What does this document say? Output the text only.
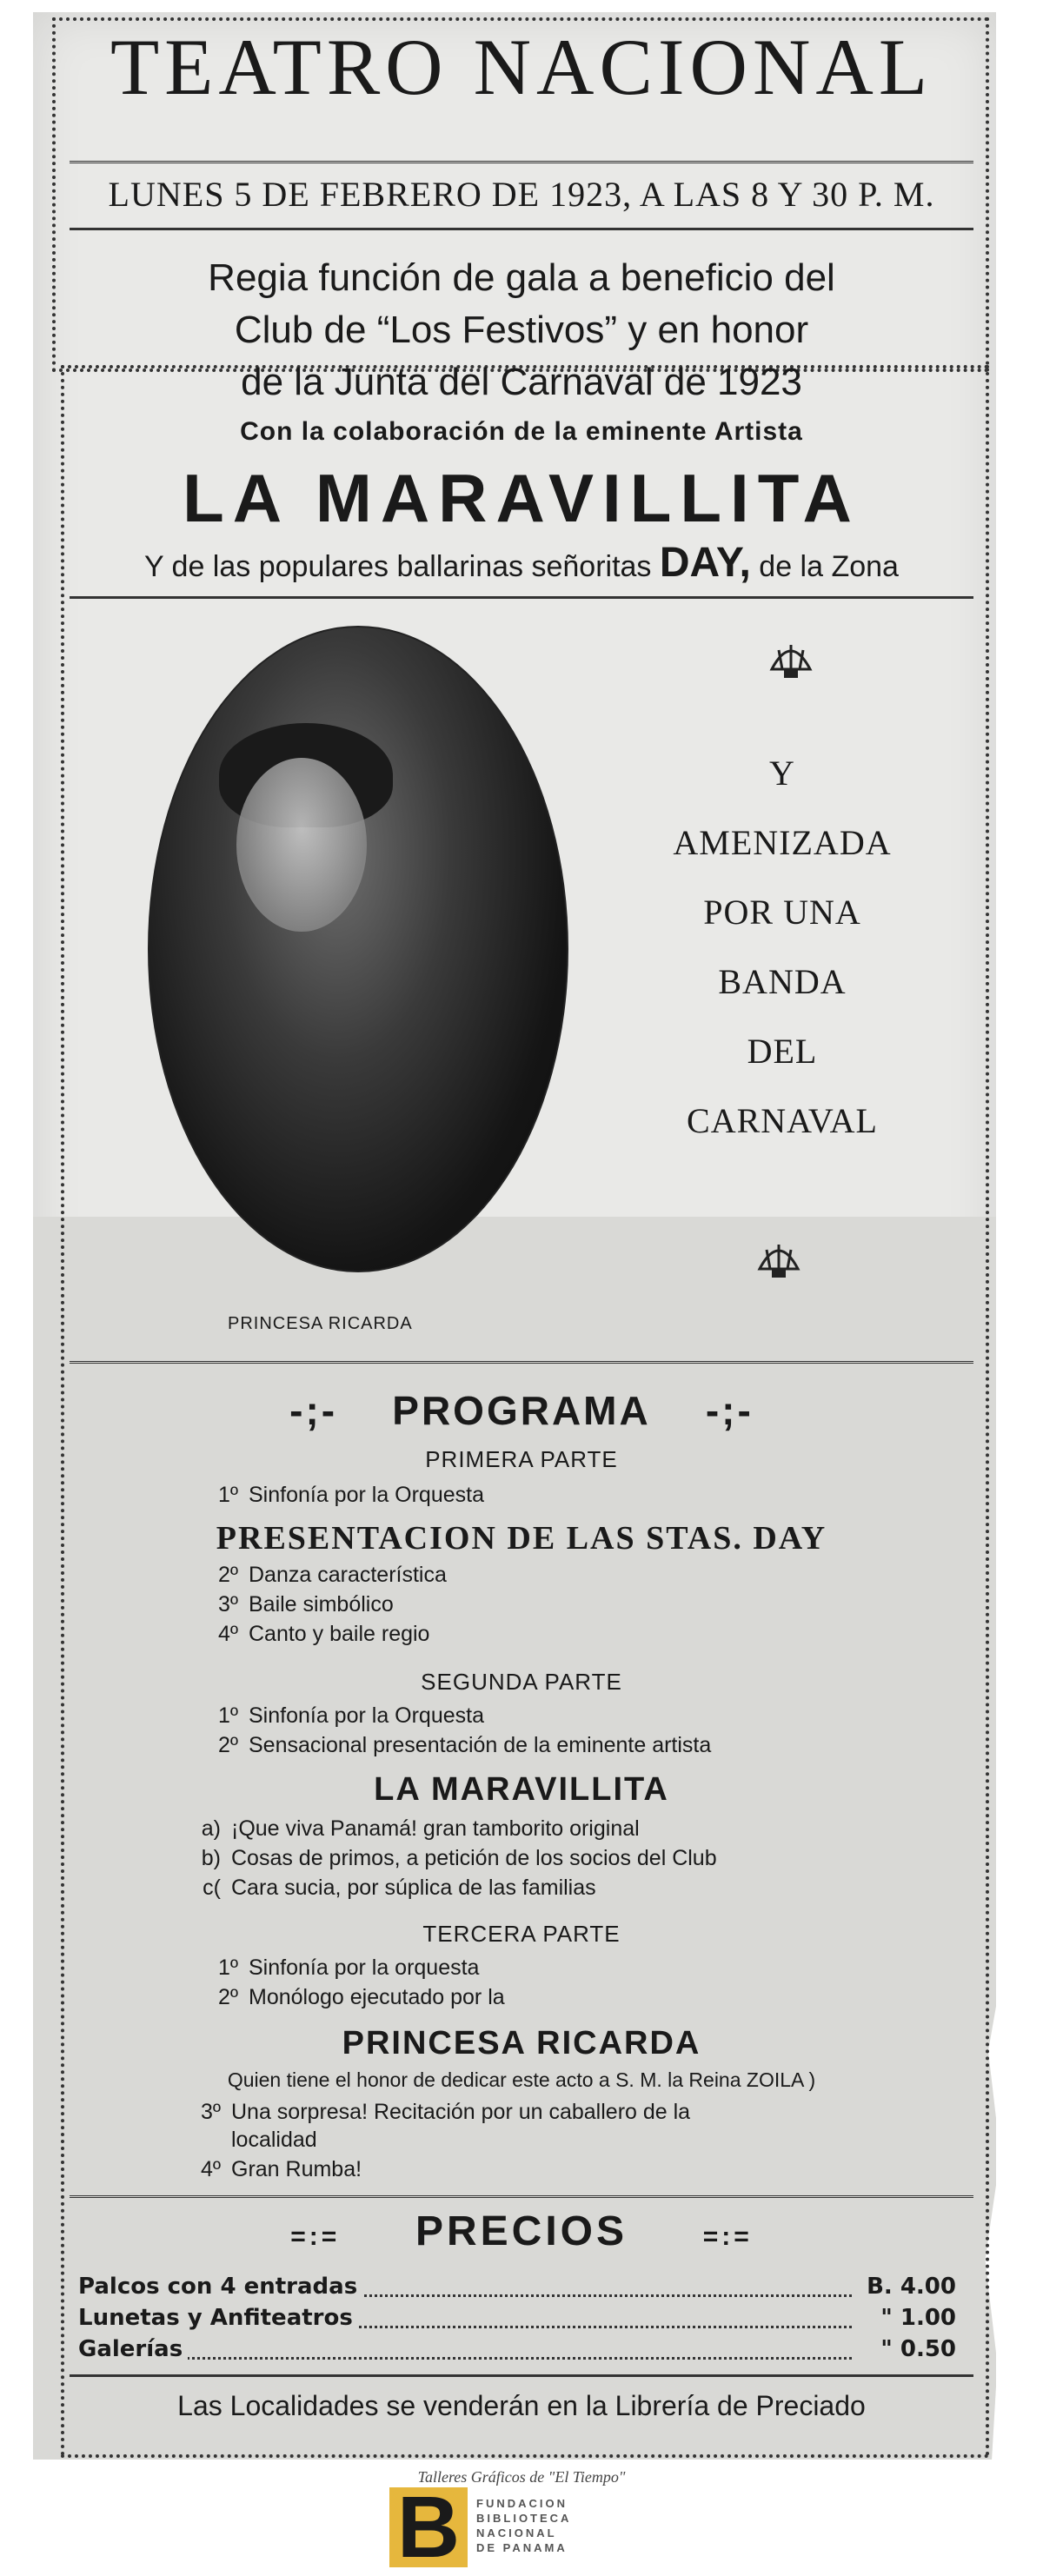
TEATRO NACIONAL
LUNES 5 DE FEBRERO DE 1923, A LAS 8 Y 30 P. M.
Regia función de gala a beneficio del
Club de “Los Festivos” y en honor
de la Junta del Carnaval de 1923
Con la colaboración de la eminente Artista
LA MARAVILLITA
Y de las populares ballarinas señoritas DAY, de la Zona
PRINCESA RICARDA
Y
AMENIZADA
POR UNA
BANDA
DEL
CARNAVAL
-;- PROGRAMA -;-
PRIMERA PARTE
1º Sinfonía por la Orquesta
PRESENTACION DE LAS STAS. DAY
2º Danza característica
3º Baile simbólico
4º Canto y baile regio
SEGUNDA PARTE
1º Sinfonía por la Orquesta
2º Sensacional presentación de la eminente artista
LA MARAVILLITA
a) ¡Que viva Panamá! gran tamborito original
b) Cosas de primos, a petición de los socios del Club
c( Cara sucia, por súplica de las familias
TERCERA PARTE
1º Sinfonía por la orquesta
2º Monólogo ejecutado por la
PRINCESA RICARDA
Quien tiene el honor de dedicar este acto a S. M. la Reina ZOILA )
3º Una sorpresa! Recitación por un caballero de la
localidad
4º Gran Rumba!
=:= PRECIOS	=:=
Palcos con 4 entradas	B. 4.00
Lunetas y Anfiteatros	" 1.00
Galerías	" 0.50
Las Localidades se venderán en la Librería de Preciado
Talleres Gráficos de "El Tiempo"
B	FUNDACION
BIBLIOTECA
NACIONAL
DE PANAMA
